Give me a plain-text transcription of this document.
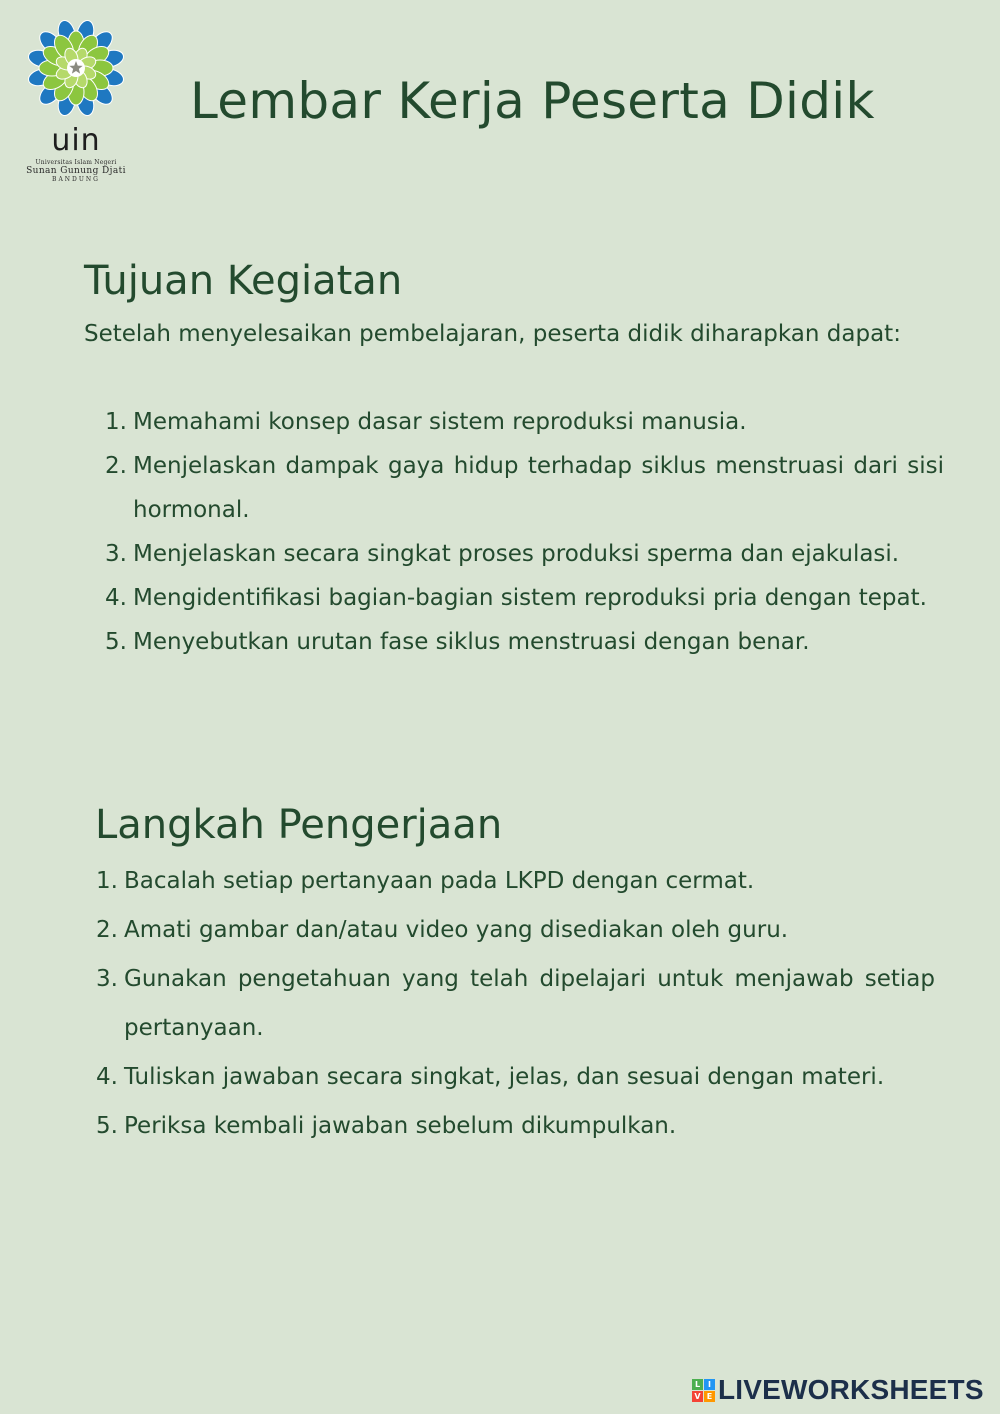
uin
Universitas Islam Negeri
Sunan Gunung Djati
BANDUNG
Lembar Kerja Peserta Didik
Tujuan Kegiatan

Setelah menyelesaikan pembelajaran, peserta didik diharapkan dapat:

1. Memahami konsep dasar sistem reproduksi manusia.
2. Menjelaskan dampak gaya hidup terhadap siklus menstruasi dari sisi hormonal.
3. Menjelaskan secara singkat proses produksi sperma dan ejakulasi.
4. Mengidentifikasi bagian-bagian sistem reproduksi pria dengan tepat.
5. Menyebutkan urutan fase siklus menstruasi dengan benar.
Langkah Pengerjaan
1. Bacalah setiap pertanyaan pada LKPD dengan cermat.
2. Amati gambar dan/atau video yang disediakan oleh guru.
3. Gunakan pengetahuan yang telah dipelajari untuk menjawab setiap pertanyaan.
4. Tuliskan jawaban secara singkat, jelas, dan sesuai dengan materi.
5. Periksa kembali jawaban sebelum dikumpulkan.
L I
V E LIVEWORKSHEETS
